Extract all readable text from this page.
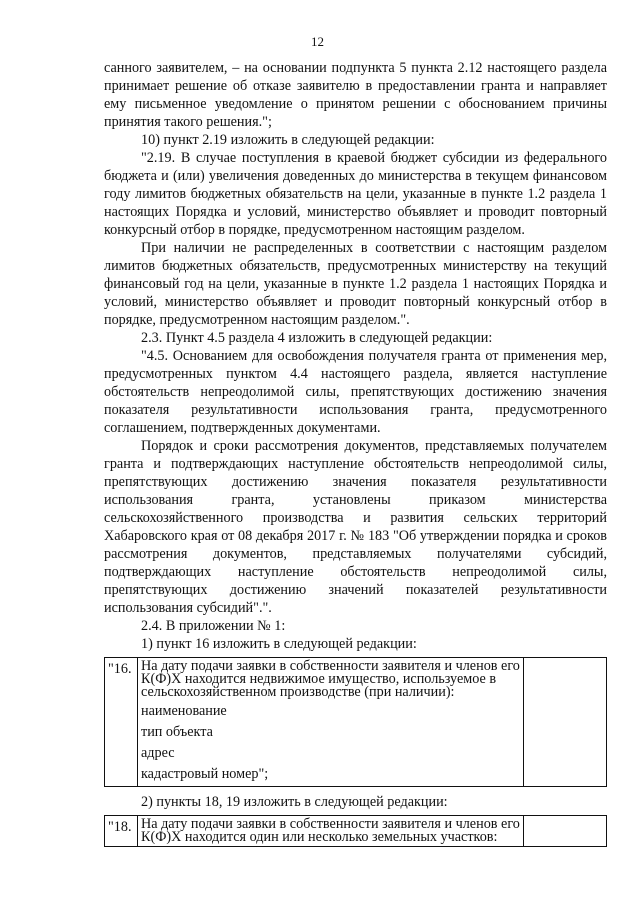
12

санного заявителем, – на основании подпункта 5 пункта 2.12 настоящего раздела принимает решение об отказе заявителю в предоставлении гранта и направляет ему письменное уведомление о принятом решении с обоснованием причины принятия такого решения.";

10) пункт 2.19 изложить в следующей редакции:

"2.19. В случае поступления в краевой бюджет субсидии из федерального бюджета и (или) увеличения доведенных до министерства в текущем финансовом году лимитов бюджетных обязательств на цели, указанные в пункте 1.2 раздела 1 настоящих Порядка и условий, министерство объявляет и проводит повторный конкурсный отбор в порядке, предусмотренном настоящим разделом.

При наличии не распределенных в соответствии с настоящим разделом лимитов бюджетных обязательств, предусмотренных министерству на текущий финансовый год на цели, указанные в пункте 1.2 раздела 1 настоящих Порядка и условий, министерство объявляет и проводит повторный конкурсный отбор в порядке, предусмотренном настоящим разделом.".

2.3. Пункт 4.5 раздела 4 изложить в следующей редакции:

"4.5. Основанием для освобождения получателя гранта от применения мер, предусмотренных пунктом 4.4 настоящего раздела, является наступление обстоятельств непреодолимой силы, препятствующих достижению значения показателя результативности использования гранта, предусмотренного соглашением, подтвержденных документами.

Порядок и сроки рассмотрения документов, представляемых получателем гранта и подтверждающих наступление обстоятельств непреодолимой силы, препятствующих достижению значения показателя результативности использования гранта, установлены приказом министерства сельскохозяйственного производства и развития сельских территорий Хабаровского края от 08 декабря 2017 г. № 183 "Об утверждении порядка и сроков рассмотрения документов, представляемых получателями субсидий, подтверждающих наступление обстоятельств непреодолимой силы, препятствующих достижению значений показателей результативности использования субсидий".".

2.4. В приложении № 1:

1) пункт 16 изложить в следующей редакции:

"16.	На дату подачи заявки в собственности заявителя и членов его К(Ф)Х находится недвижимое имущество, используемое в сельскохозяйственном производстве (при наличии):
наименование
тип объекта
адрес
кадастровый номер";

2) пункты 18, 19 изложить в следующей редакции:

"18.	На дату подачи заявки в собственности заявителя и членов его К(Ф)Х находится один или несколько земельных участков:	
